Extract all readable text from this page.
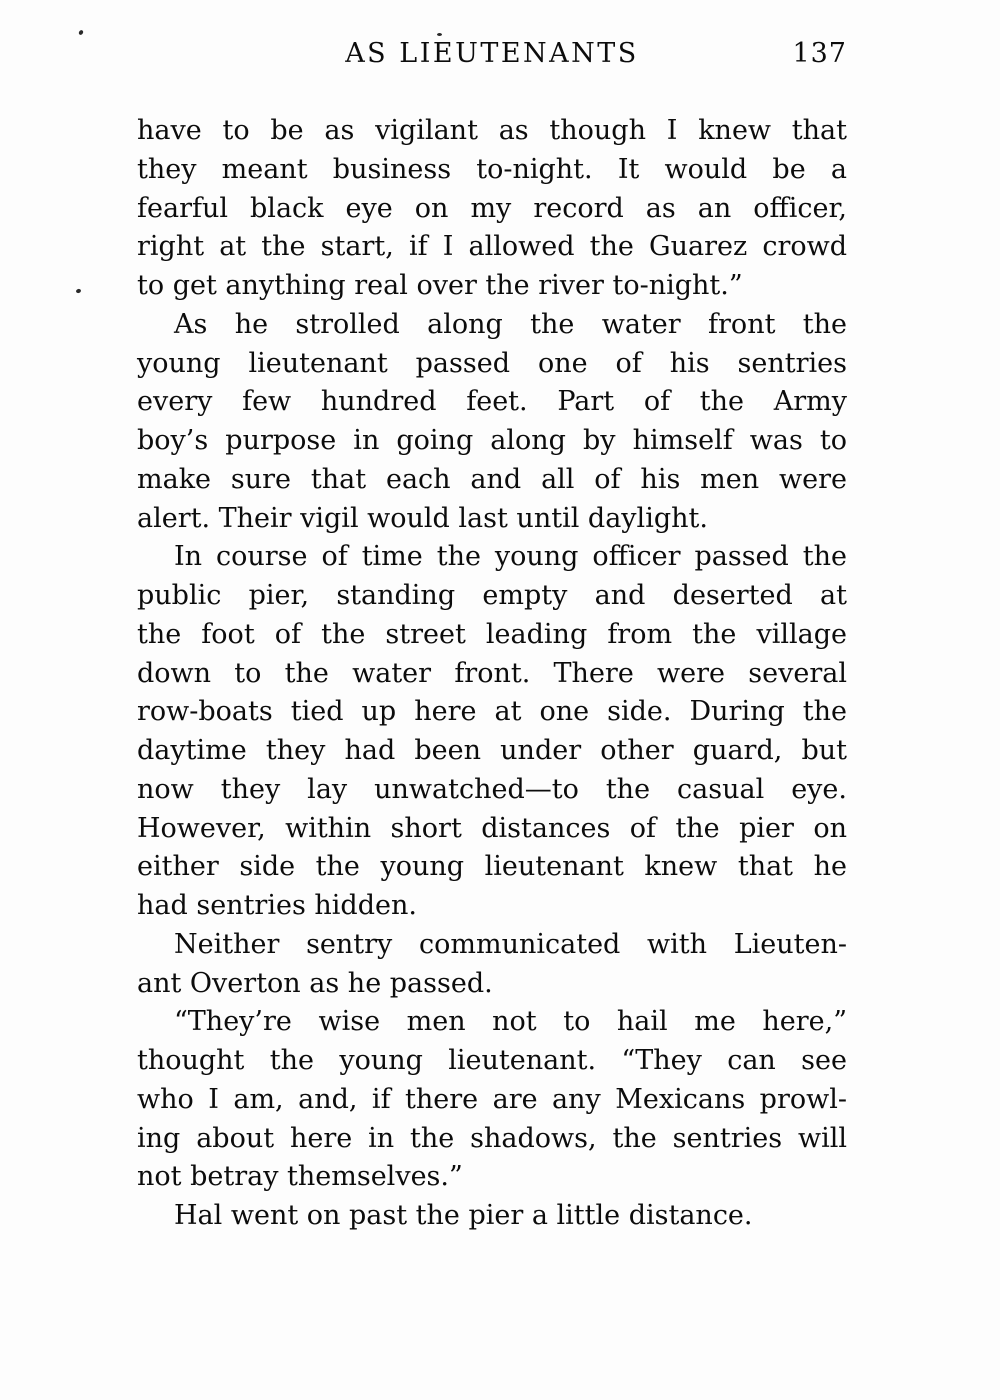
AS LIEUTENANTS	137
have to be as vigilant as though I knew that
they meant business to-night. It would be a
fearful black eye on my record as an officer,
right at the start, if I allowed the Guarez crowd
to get anything real over the river to-night.”
As he strolled along the water front the
young lieutenant passed one of his sentries
every few hundred feet. Part of the Army
boy’s purpose in going along by himself was to
make sure that each and all of his men were
alert. Their vigil would last until daylight.
In course of time the young officer passed the
public pier, standing empty and deserted at
the foot of the street leading from the village
down to the water front. There were several
row-boats tied up here at one side. During the
daytime they had been under other guard, but
now they lay unwatched—to the casual eye.
However, within short distances of the pier on
either side the young lieutenant knew that he
had sentries hidden.
Neither sentry communicated with Lieuten-
ant Overton as he passed.
“They’re wise men not to hail me here,”
thought the young lieutenant. “They can see
who I am, and, if there are any Mexicans prowl-
ing about here in the shadows, the sentries will
not betray themselves.”
Hal went on past the pier a little distance.
